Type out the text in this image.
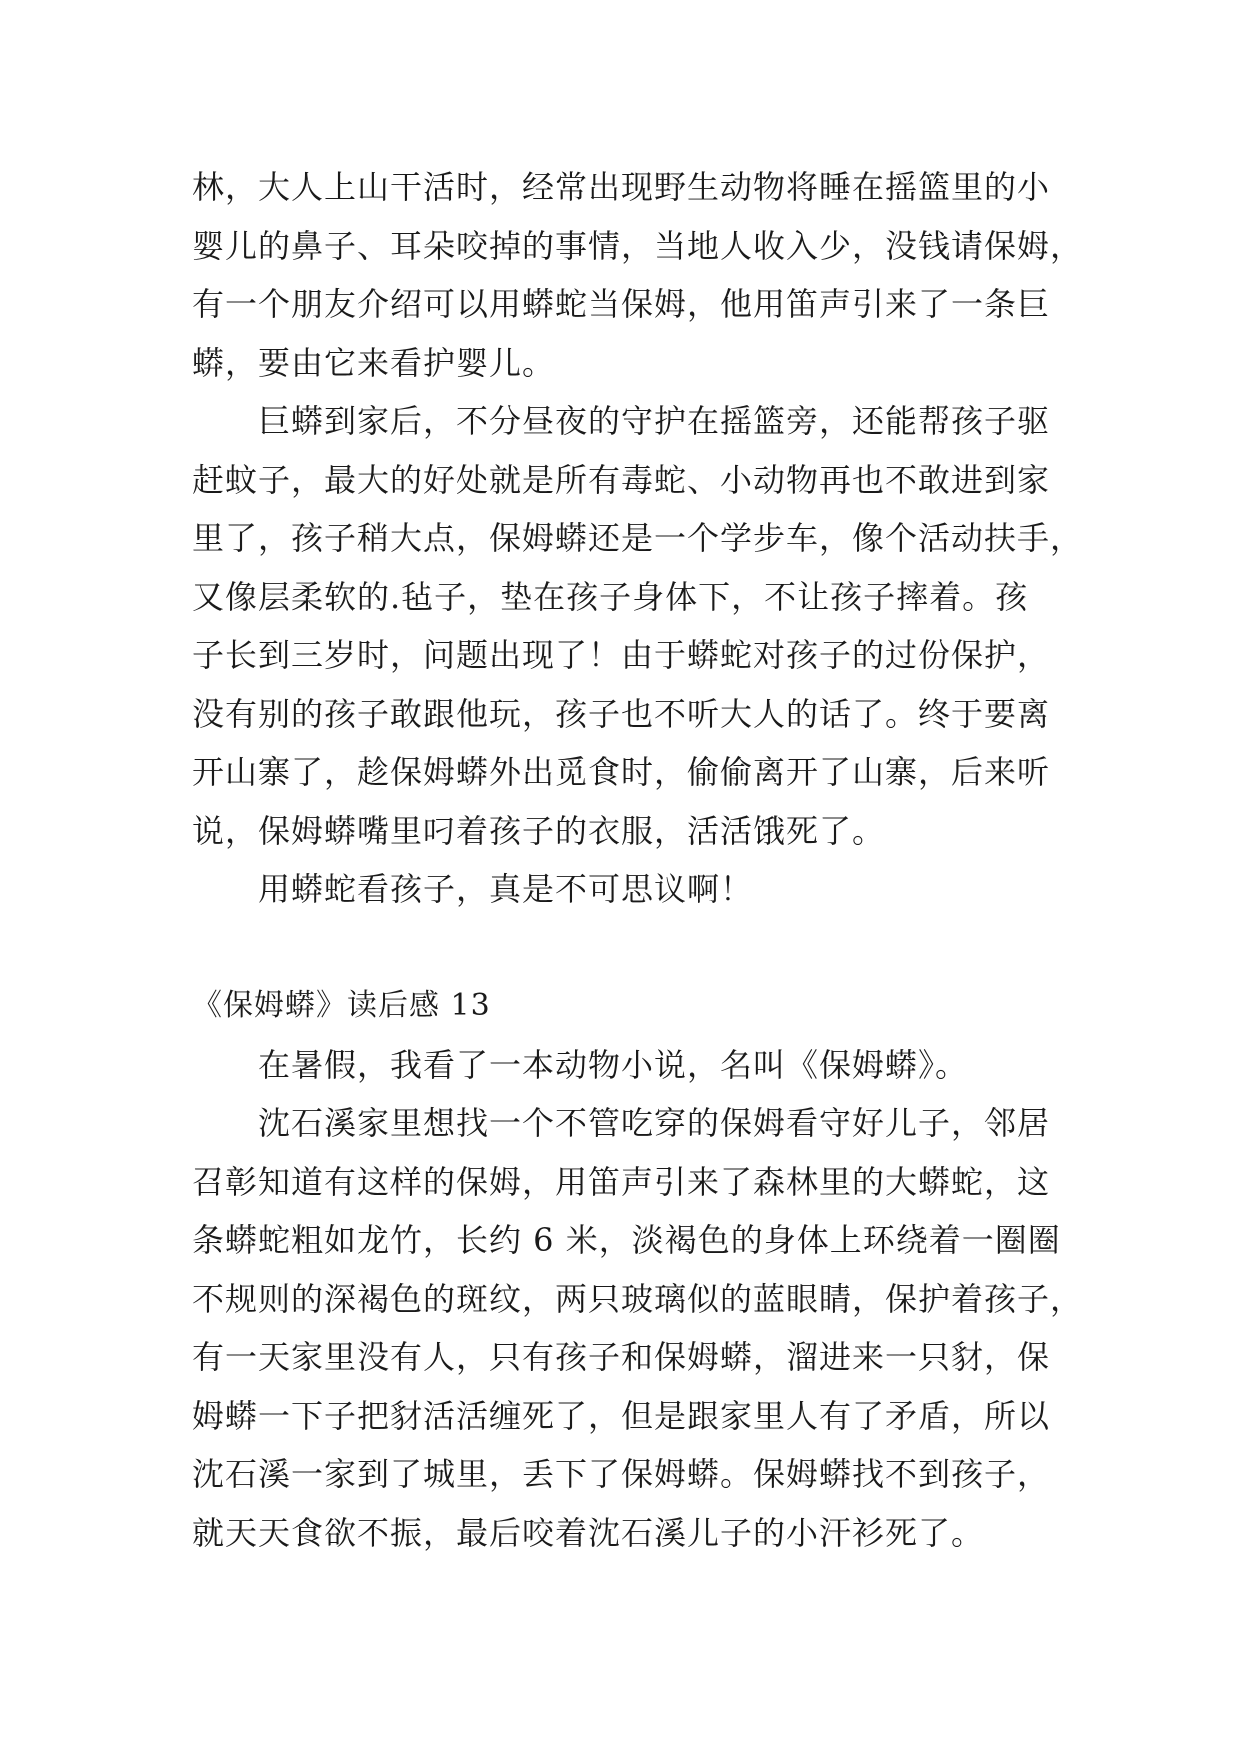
林，大人上山干活时，经常出现野生动物将睡在摇篮里的小
婴儿的鼻子、耳朵咬掉的事情，当地人收入少，没钱请保姆，
有一个朋友介绍可以用蟒蛇当保姆，他用笛声引来了一条巨
蟒，要由它来看护婴儿。
巨蟒到家后，不分昼夜的守护在摇篮旁，还能帮孩子驱
赶蚊子，最大的好处就是所有毒蛇、小动物再也不敢进到家
里了，孩子稍大点，保姆蟒还是一个学步车，像个活动扶手，
又像层柔软的.毡子，垫在孩子身体下，不让孩子摔着。孩
子长到三岁时，问题出现了！由于蟒蛇对孩子的过份保护，
没有别的孩子敢跟他玩，孩子也不听大人的话了。终于要离
开山寨了，趁保姆蟒外出觅食时，偷偷离开了山寨，后来听
说，保姆蟒嘴里叼着孩子的衣服，活活饿死了。
用蟒蛇看孩子，真是不可思议啊！
《保姆蟒》读后感 13
在暑假，我看了一本动物小说，名叫《保姆蟒》。
沈石溪家里想找一个不管吃穿的保姆看守好儿子，邻居
召彰知道有这样的保姆，用笛声引来了森林里的大蟒蛇，这
条蟒蛇粗如龙竹，长约 6 米，淡褐色的身体上环绕着一圈圈
不规则的深褐色的斑纹，两只玻璃似的蓝眼睛，保护着孩子，
有一天家里没有人，只有孩子和保姆蟒，溜进来一只豺，保
姆蟒一下子把豺活活缠死了，但是跟家里人有了矛盾，所以
沈石溪一家到了城里，丢下了保姆蟒。保姆蟒找不到孩子，
就天天食欲不振，最后咬着沈石溪儿子的小汗衫死了。
